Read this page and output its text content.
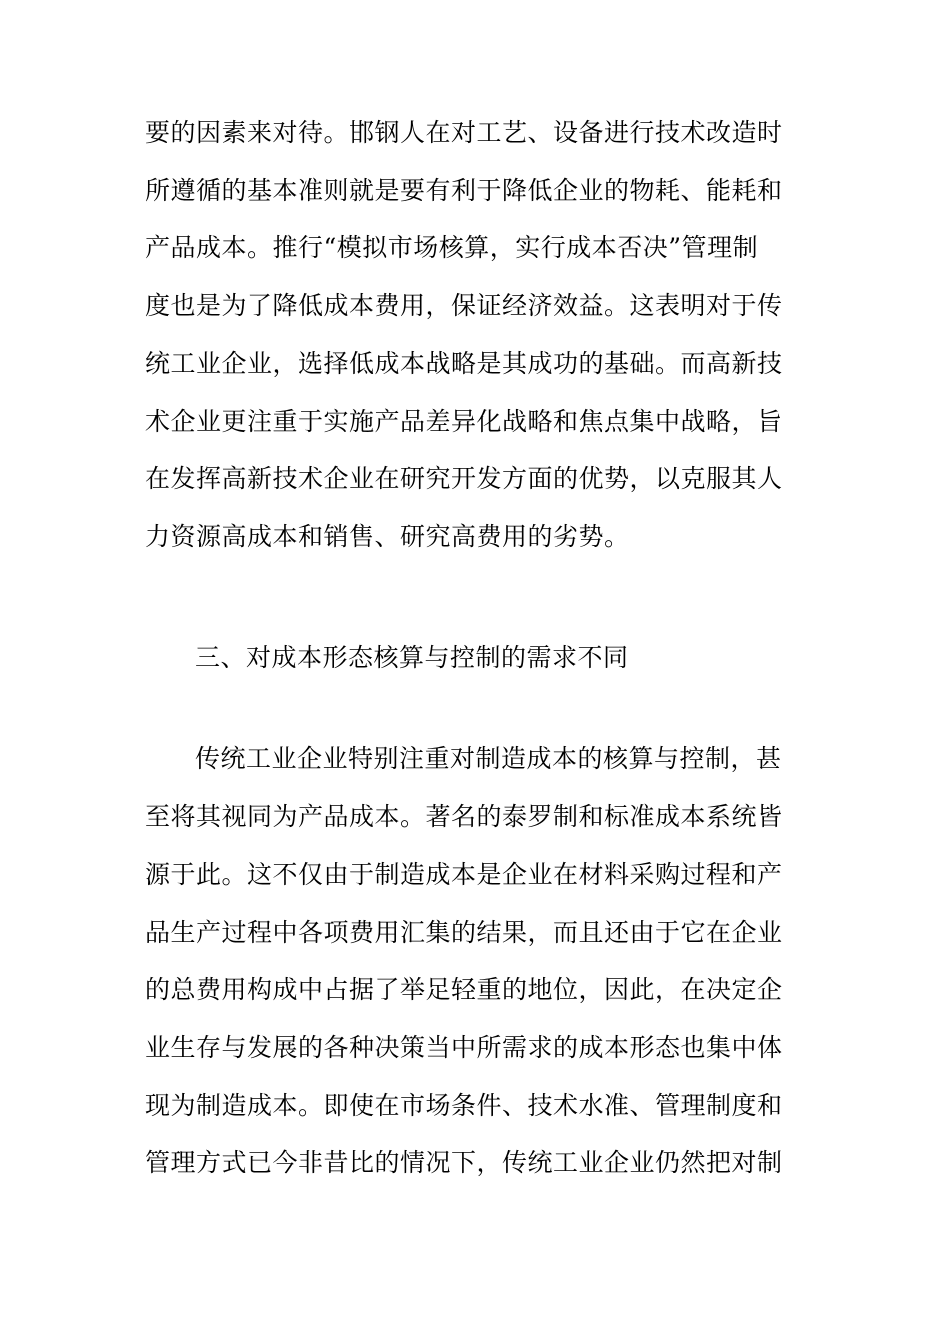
要的因素来对待。邯钢人在对工艺、设备进行技术改造时
所遵循的基本准则就是要有利于降低企业的物耗、能耗和
产品成本。推行“模拟市场核算，实行成本否决”管理制
度也是为了降低成本费用，保证经济效益。这表明对于传
统工业企业，选择低成本战略是其成功的基础。而高新技
术企业更注重于实施产品差异化战略和焦点集中战略，旨
在发挥高新技术企业在研究开发方面的优势，以克服其人
力资源高成本和销售、研究高费用的劣势。
三、对成本形态核算与控制的需求不同
传统工业企业特别注重对制造成本的核算与控制，甚
至将其视同为产品成本。著名的泰罗制和标准成本系统皆
源于此。这不仅由于制造成本是企业在材料采购过程和产
品生产过程中各项费用汇集的结果，而且还由于它在企业
的总费用构成中占据了举足轻重的地位，因此，在决定企
业生存与发展的各种决策当中所需求的成本形态也集中体
现为制造成本。即使在市场条件、技术水准、管理制度和
管理方式已今非昔比的情况下，传统工业企业仍然把对制
